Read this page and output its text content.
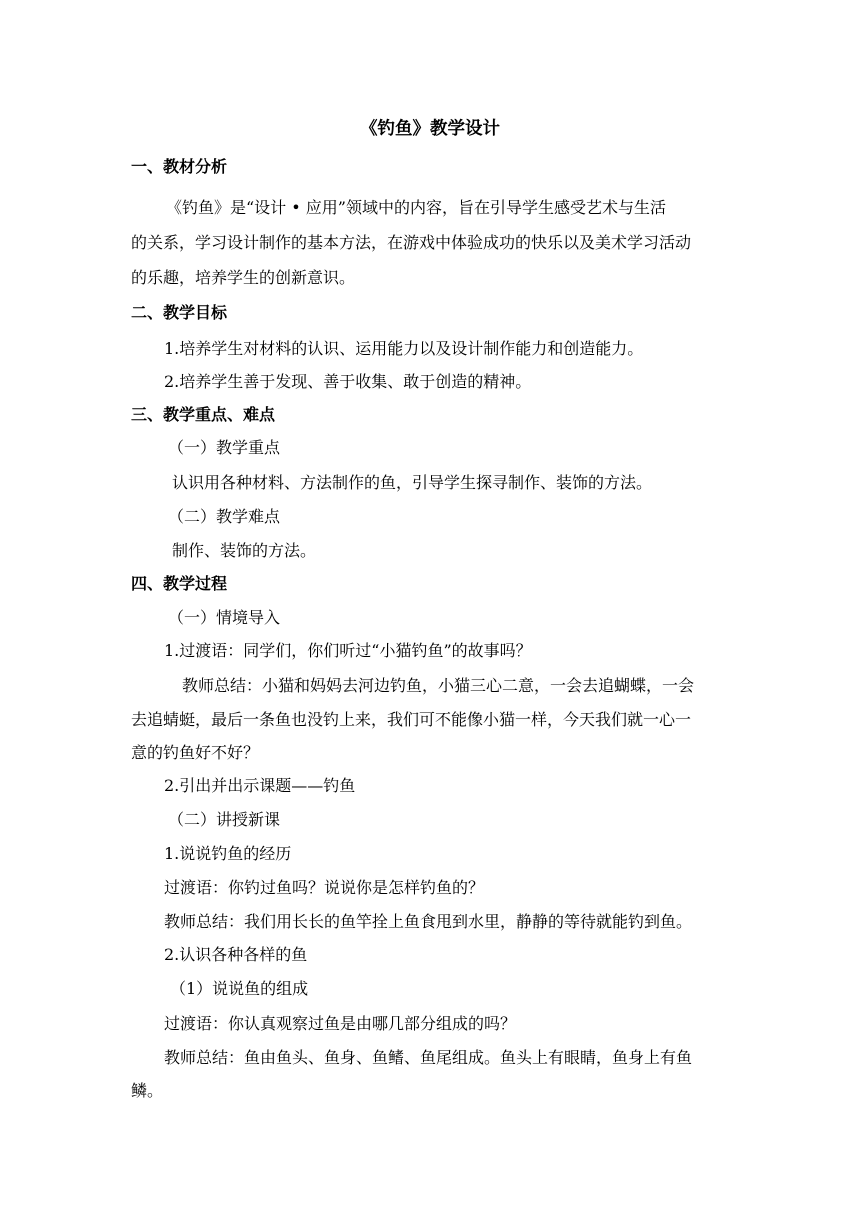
《钓鱼》教学设计

一、教材分析

《钓鱼》是“设计 • 应用”领域中的内容，旨在引导学生感受艺术与生活

的关系，学习设计制作的基本方法，在游戏中体验成功的快乐以及美术学习活动

的乐趣，培养学生的创新意识。

二、教学目标

1.培养学生对材料的认识、运用能力以及设计制作能力和创造能力。

2.培养学生善于发现、善于收集、敢于创造的精神。

三、教学重点、难点

（一）教学重点

认识用各种材料、方法制作的鱼，引导学生探寻制作、装饰的方法。

（二）教学难点

制作、装饰的方法。

四、教学过程

（一）情境导入

1.过渡语：同学们，你们听过“小猫钓鱼”的故事吗？

教师总结：小猫和妈妈去河边钓鱼，小猫三心二意，一会去追蝴蝶，一会

去追蜻蜓，最后一条鱼也没钓上来，我们可不能像小猫一样，今天我们就一心一

意的钓鱼好不好？

2.引出并出示课题——钓鱼

（二）讲授新课

1.说说钓鱼的经历

过渡语：你钓过鱼吗？说说你是怎样钓鱼的？

教师总结：我们用长长的鱼竿拴上鱼食甩到水里，静静的等待就能钓到鱼。

2.认识各种各样的鱼

（1）说说鱼的组成

过渡语：你认真观察过鱼是由哪几部分组成的吗？

教师总结：鱼由鱼头、鱼身、鱼鳍、鱼尾组成。鱼头上有眼睛，鱼身上有鱼

鳞。
